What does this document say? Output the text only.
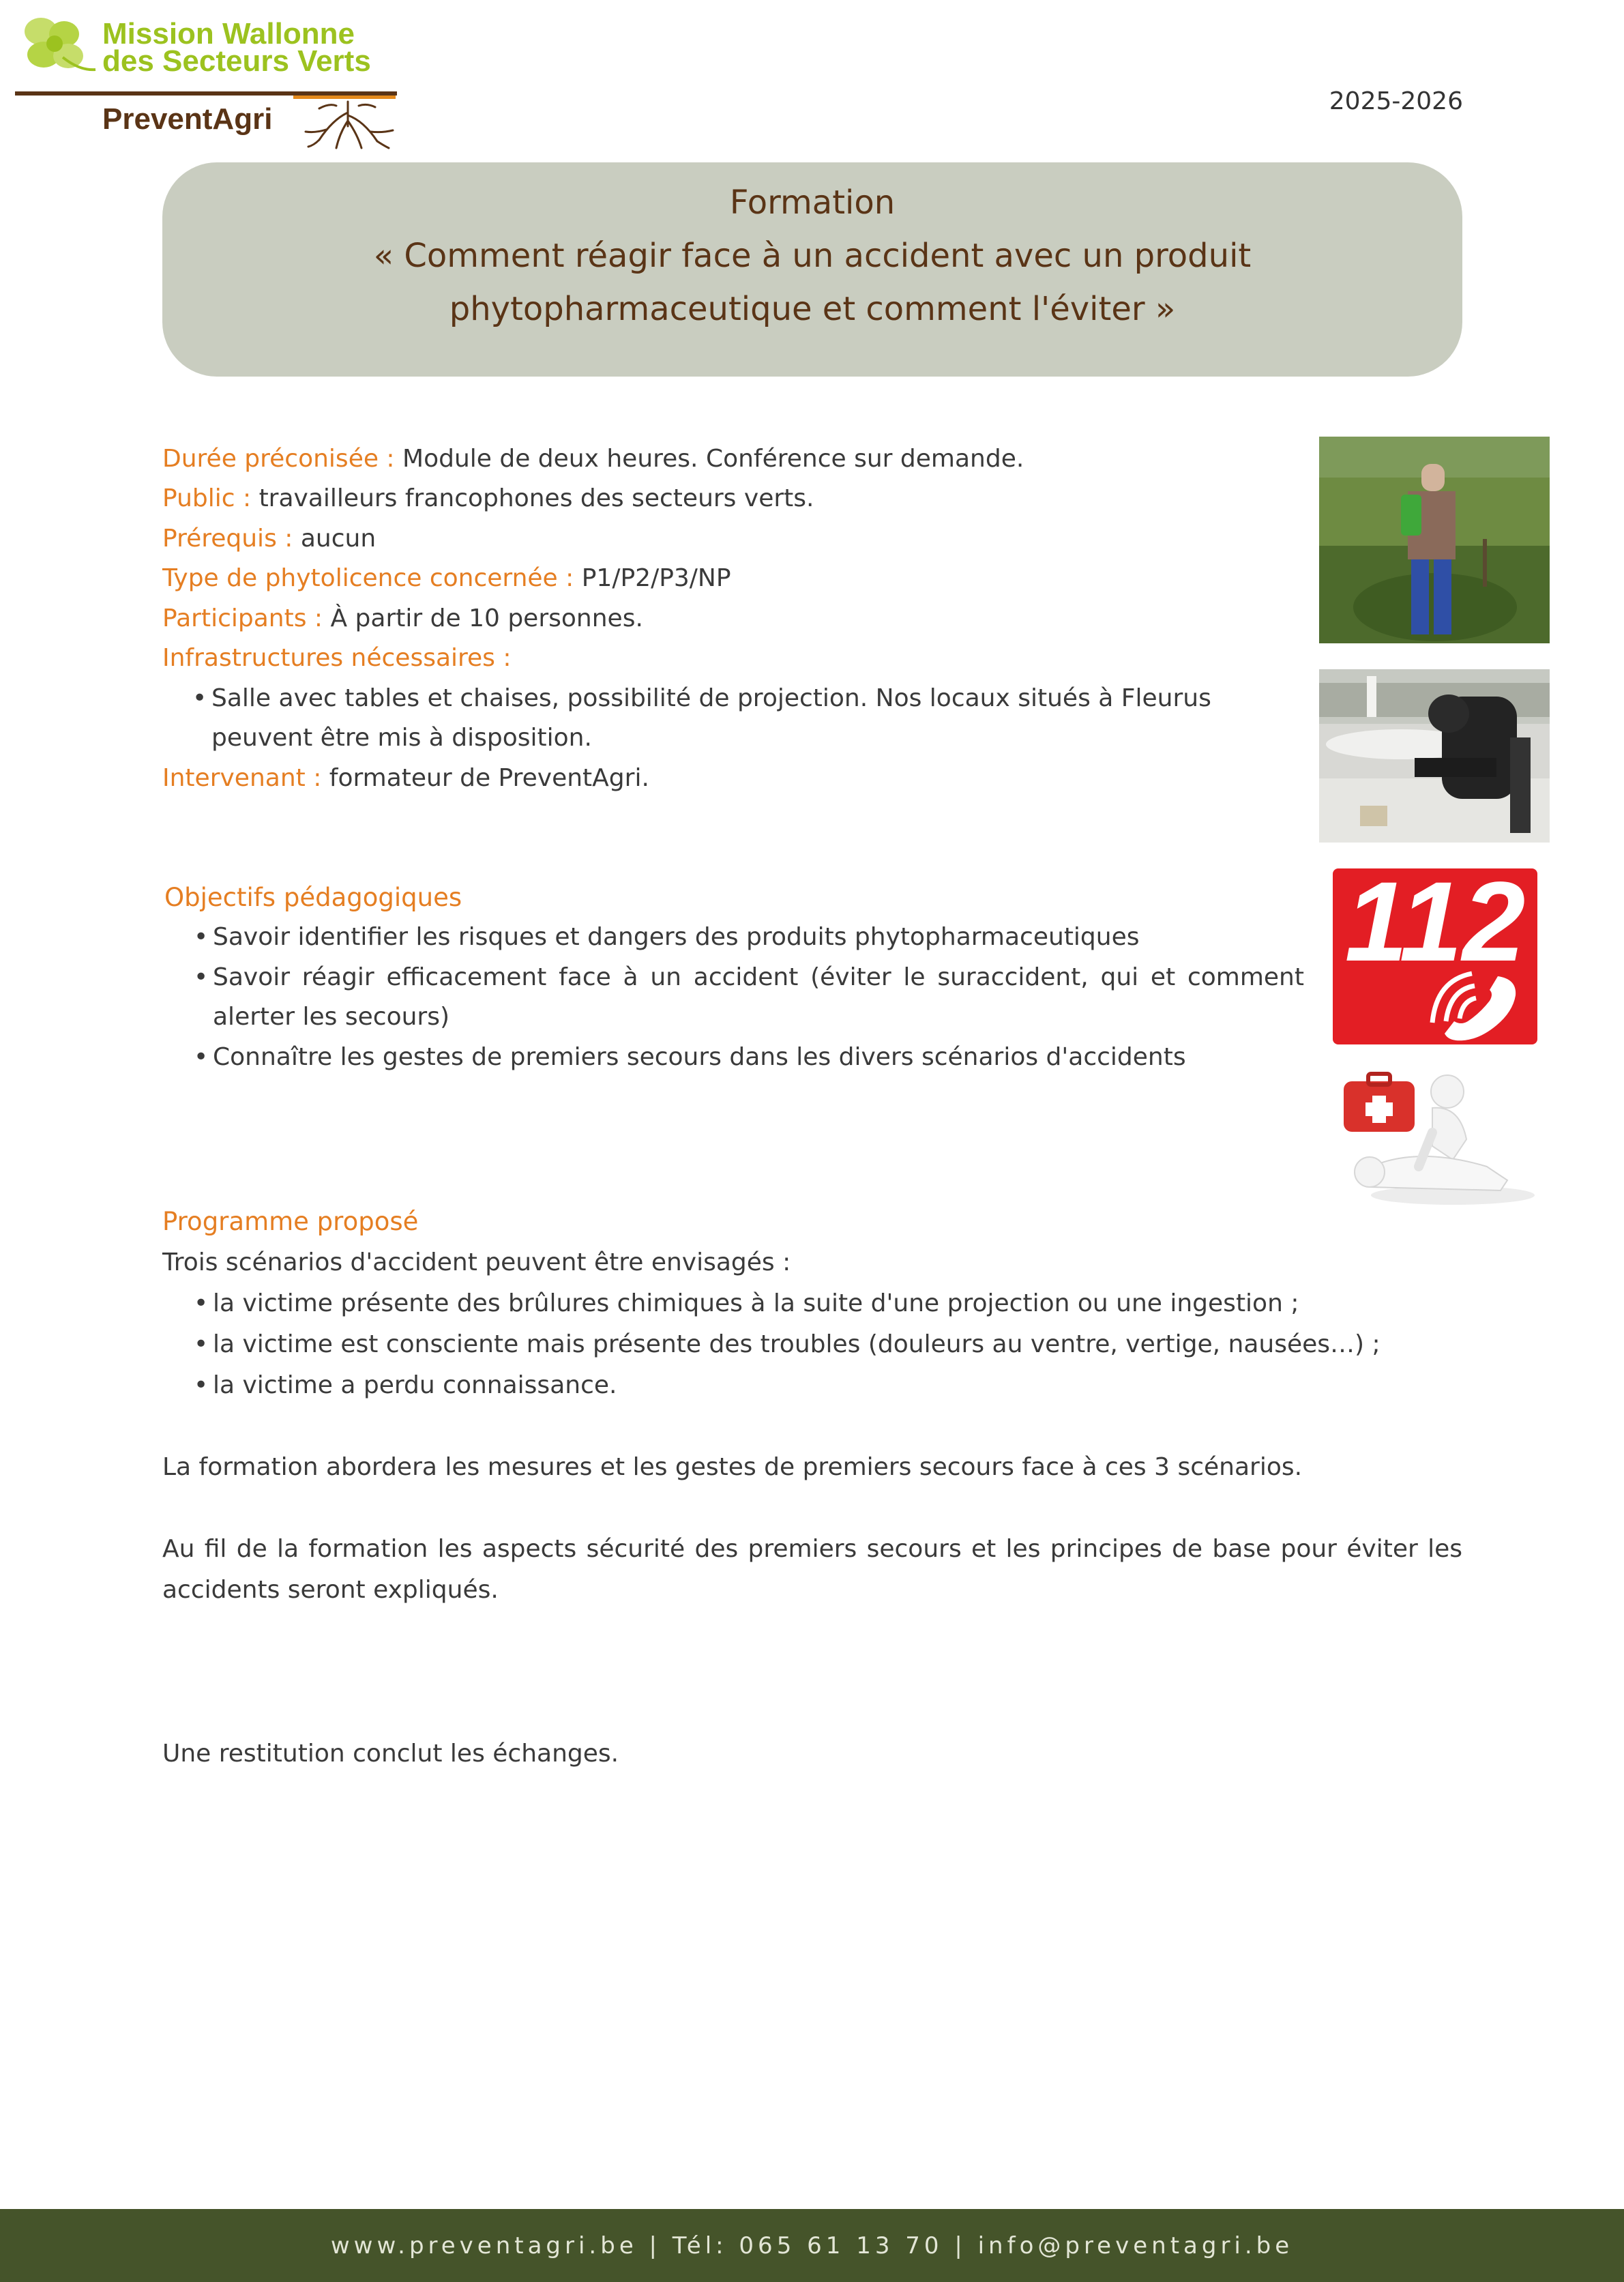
Mission Wallonne
des Secteurs Verts
PreventAgri
2025-2026
Formation
« Comment réagir face à un accident avec un produit
phytopharmaceutique et comment l'éviter »
Durée préconisée : Module de deux heures. Conférence sur demande.
Public : travailleurs francophones des secteurs verts.
Prérequis : aucun
Type de phytolicence concernée : P1/P2/P3/NP
Participants : À partir de 10 personnes.
Infrastructures nécessaires :
• Salle avec tables et chaises, possibilité de projection. Nos locaux situés à Fleurus
peuvent être mis à disposition.
Intervenant : formateur de PreventAgri.
112
Objectifs pédagogiques
• Savoir identifier les risques et dangers des produits phytopharmaceutiques
• Savoir réagir efficacement face à un accident (éviter le suraccident, qui et comment
alerter les secours)
• Connaître les gestes de premiers secours dans les divers scénarios d'accidents
Programme proposé
Trois scénarios d'accident peuvent être envisagés :
• la victime présente des brûlures chimiques à la suite d'une projection ou une ingestion ;
• la victime est consciente mais présente des troubles (douleurs au ventre, vertige, nausées…) ;
• la victime a perdu connaissance.
La formation abordera les mesures et les gestes de premiers secours face à ces 3 scénarios.
Au fil de la formation les aspects sécurité des premiers secours et les principes de base pour éviter les
accidents seront expliqués.
Une restitution conclut les échanges.
www.preventagri.be | Tél: 065 61 13 70 | info@preventagri.be
